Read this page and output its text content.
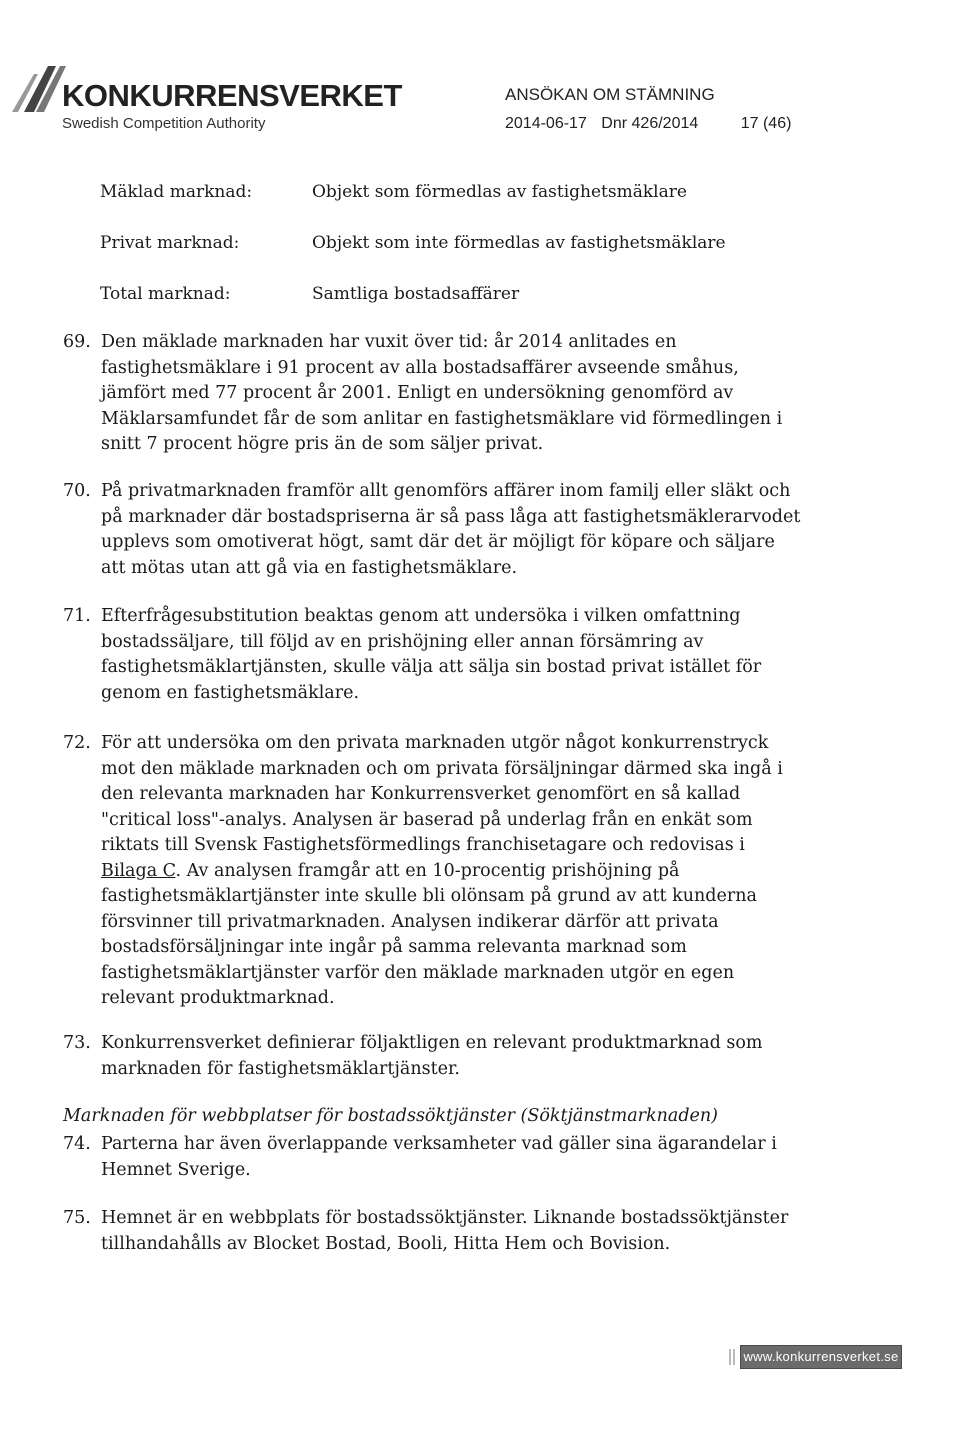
KONKURRENSVERKET
Swedish Competition Authority
ANSÖKAN OM STÄMNING
2014-06-17 Dnr 426/2014	17 (46)
Mäklad marknad:	Objekt som förmedlas av fastighetsmäklare
Privat marknad:	Objekt som inte förmedlas av fastighetsmäklare
Total marknad:	Samtliga bostadsaffärer
69. Den mäklade marknaden har vuxit över tid: år 2014 anlitades en
fastighetsmäklare i 91 procent av alla bostadsaffärer avseende småhus,
jämfört med 77 procent år 2001. Enligt en undersökning genomförd av
Mäklarsamfundet får de som anlitar en fastighetsmäklare vid förmedlingen i
snitt 7 procent högre pris än de som säljer privat.
70. På privatmarknaden framför allt genomförs affärer inom familj eller släkt och
på marknader där bostadspriserna är så pass låga att fastighetsmäklerarvodet
upplevs som omotiverat högt, samt där det är möjligt för köpare och säljare
att mötas utan att gå via en fastighetsmäklare.
71. Efterfrågesubstitution beaktas genom att undersöka i vilken omfattning
bostadssäljare, till följd av en prishöjning eller annan försämring av
fastighetsmäklartjänsten, skulle välja att sälja sin bostad privat istället för
genom en fastighetsmäklare.
72. För att undersöka om den privata marknaden utgör något konkurrenstryck
mot den mäklade marknaden och om privata försäljningar därmed ska ingå i
den relevanta marknaden har Konkurrensverket genomfört en så kallad
"critical loss"-analys. Analysen är baserad på underlag från en enkät som
riktats till Svensk Fastighetsförmedlings franchisetagare och redovisas i
Bilaga C. Av analysen framgår att en 10-procentig prishöjning på
fastighetsmäklartjänster inte skulle bli olönsam på grund av att kunderna
försvinner till privatmarknaden. Analysen indikerar därför att privata
bostadsförsäljningar inte ingår på samma relevanta marknad som
fastighetsmäklartjänster varför den mäklade marknaden utgör en egen
relevant produktmarknad.
73. Konkurrensverket definierar följaktligen en relevant produktmarknad som
marknaden för fastighetsmäklartjänster.
Marknaden för webbplatser för bostadssöktjänster (Söktjänstmarknaden)
74. Parterna har även överlappande verksamheter vad gäller sina ägarandelar i
Hemnet Sverige.
75. Hemnet är en webbplats för bostadssöktjänster. Liknande bostadssöktjänster
tillhandahålls av Blocket Bostad, Booli, Hitta Hem och Bovision.
www.konkurrensverket.se
